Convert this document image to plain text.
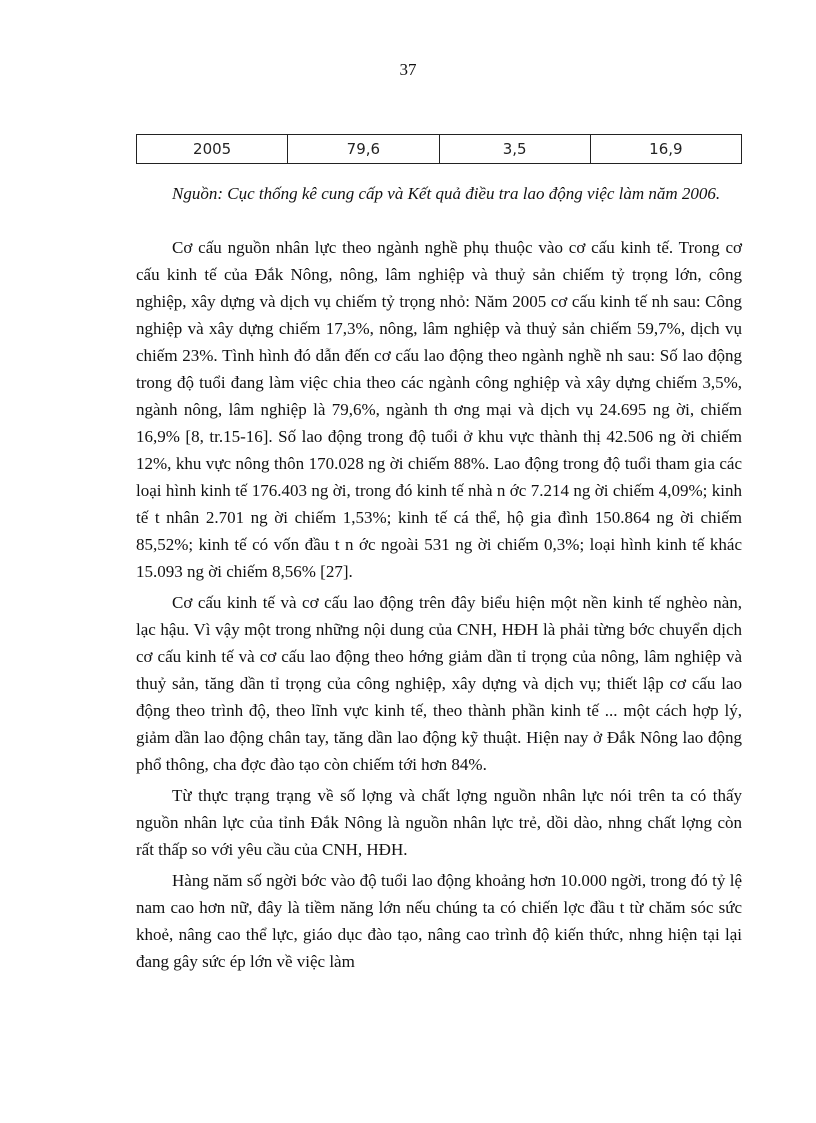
37
2005	79,6	3,5	16,9

Nguồn: Cục thống kê cung cấp và Kết quả điều tra lao động việc làm năm 2006.

Cơ cấu nguồn nhân lực theo ngành nghề phụ thuộc vào cơ cấu kinh tế. Trong cơ cấu kinh tế của Đắk Nông, nông, lâm nghiệp và thuỷ sản chiếm tỷ trọng lớn, công nghiệp, xây dựng và dịch vụ chiếm tỷ trọng nhỏ: Năm 2005 cơ cấu kinh tế nh sau: Công nghiệp và xây dựng chiếm 17,3%, nông, lâm nghiệp và thuỷ sản chiếm 59,7%, dịch vụ chiếm 23%. Tình hình đó dẫn đến cơ cấu lao động theo ngành nghề nh sau: Số lao động trong độ tuổi đang làm việc chia theo các ngành công nghiệp và xây dựng chiếm 3,5%, ngành nông, lâm nghiệp là 79,6%, ngành th ơng mại và dịch vụ 24.695 ng ời, chiếm 16,9% [8, tr.15-16]. Số lao động trong độ tuổi ở khu vực thành thị 42.506 ng ời chiếm 12%, khu vực nông thôn 170.028 ng ời chiếm 88%. Lao động trong độ tuổi tham gia các loại hình kinh tế 176.403 ng ời, trong đó kinh tế nhà n ớc 7.214 ng ời chiếm 4,09%; kinh tế t nhân 2.701 ng ời chiếm 1,53%; kinh tế cá thể, hộ gia đình 150.864 ng ời chiếm 85,52%; kinh tế có vốn đầu t n ớc ngoài 531 ng ời chiếm 0,3%; loại hình kinh tế khác 15.093 ng ời chiếm 8,56% [27].

Cơ cấu kinh tế và cơ cấu lao động trên đây biểu hiện một nền kinh tế nghèo nàn, lạc hậu. Vì vậy một trong những nội dung của CNH, HĐH là phải từng bớc chuyển dịch cơ cấu kinh tế và cơ cấu lao động theo hớng giảm dần tỉ trọng của nông, lâm nghiệp và thuỷ sản, tăng dần tỉ trọng của công nghiệp, xây dựng và dịch vụ; thiết lập cơ cấu lao động theo trình độ, theo lĩnh vực kinh tế, theo thành phần kinh tế ... một cách hợp lý, giảm dần lao động chân tay, tăng dần lao động kỹ thuật. Hiện nay ở Đắk Nông lao động phổ thông, cha đợc đào tạo còn chiếm tới hơn 84%.

Từ thực trạng trạng về số lợng và chất lợng nguồn nhân lực nói trên ta có thấy nguồn nhân lực của tỉnh Đắk Nông là nguồn nhân lực trẻ, dồi dào, nhng chất lợng còn rất thấp so với yêu cầu của CNH, HĐH.

Hàng năm số ngời bớc vào độ tuổi lao động khoảng hơn 10.000 ngời, trong đó tỷ lệ nam cao hơn nữ, đây là tiềm năng lớn nếu chúng ta có chiến lợc đầu t từ chăm sóc sức khoẻ, nâng cao thể lực, giáo dục đào tạo, nâng cao trình độ kiến thức, nhng hiện tại lại đang gây sức ép lớn về việc làm
